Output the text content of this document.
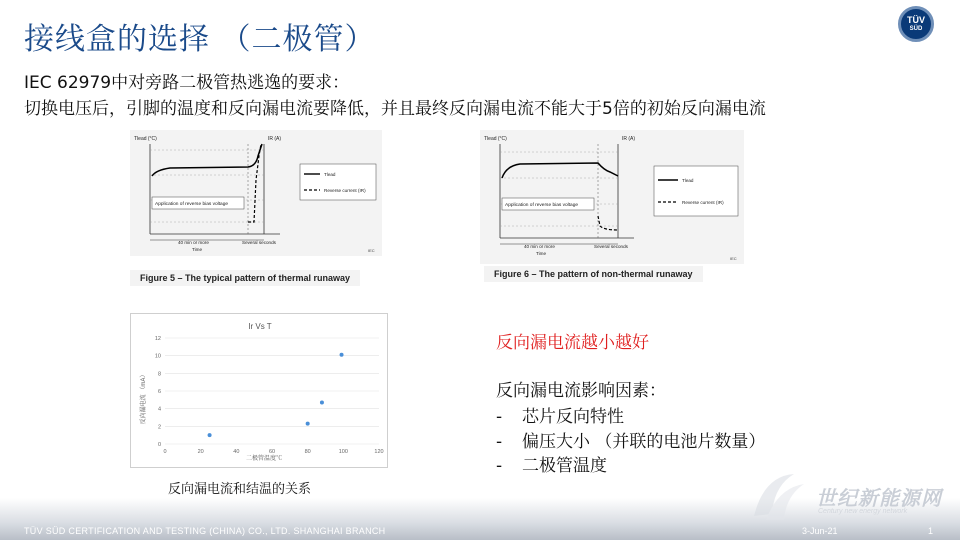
接线盒的选择 （二极管）
TÜV
SÜD
IEC 62979中对旁路二极管热逃逸的要求：
切换电压后，引脚的温度和反向漏电流要降低，并且最终反向漏电流不能大于5倍的初始反向漏电流
Tlead (°C)	IR (A)
Application of reverse bias voltage
40 min or more	Several seconds
Time
Tlead
Reverse current (IR)
IEC
Figure 5 – The typical pattern of thermal runaway
Tlead (°C)	IR (A)
Application of reverse bias voltage
40 min or more	Several seconds
Time
Tlead
Reverse current (IR)
IEC
Figure 6 – The pattern of non-thermal runaway
Ir Vs T
0
2
4
6
8
10
12
0	20	40	60	80	100	120
反向漏电流 （mA）
二极管温度℃
反向漏电流和结温的关系
反向漏电流越小越好
反向漏电流影响因素：
- 芯片反向特性
- 偏压大小 （并联的电池片数量）
- 二极管温度
世纪新能源网
Century new energy network
TÜV SÜD CERTIFICATION AND TESTING (CHINA) CO., LTD. SHANGHAI BRANCH	3-Jun-21	1
